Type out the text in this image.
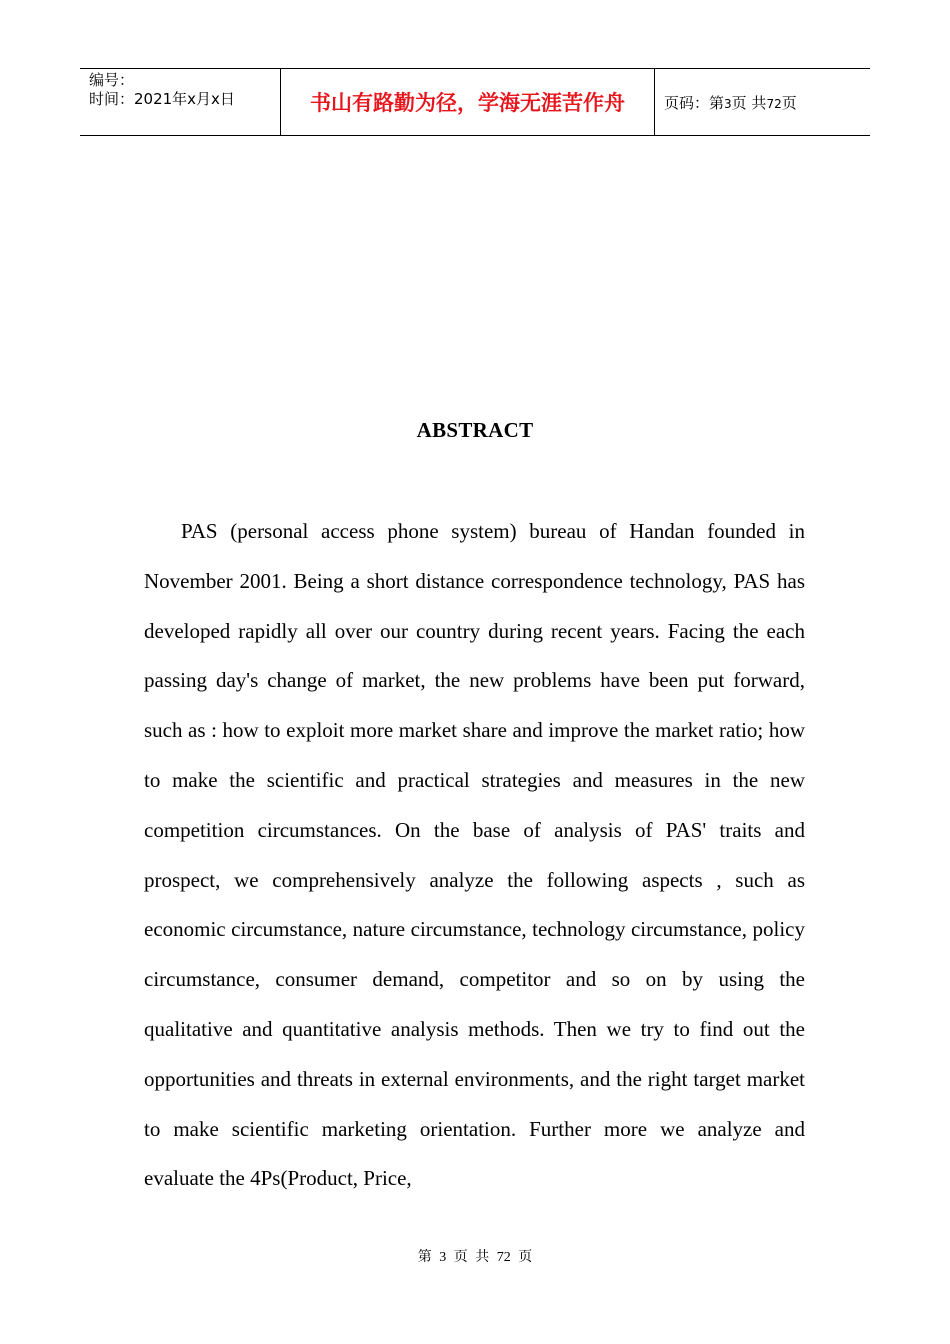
编号：
时间：2021年x月x日	书山有路勤为径，学海无涯苦作舟	页码：第3页 共72页
ABSTRACT

PAS (personal access phone system) bureau of Handan founded in November 2001. Being a short distance correspondence technology, PAS has developed rapidly all over our country during recent years. Facing the each passing day's change of market, the new problems have been put forward, such as : how to exploit more market share and improve the market ratio; how to make the scientific and practical strategies and measures in the new competition circumstances. On the base of analysis of PAS' traits and prospect, we comprehensively analyze the following aspects , such as economic circumstance, nature circumstance, technology circumstance, policy circumstance, consumer demand, competitor and so on by using the qualitative and quantitative analysis methods. Then we try to find out the opportunities and threats in external environments, and the right target market to make scientific marketing orientation. Further more we analyze and evaluate the 4Ps(Product, Price,

第 3 页 共 72 页
